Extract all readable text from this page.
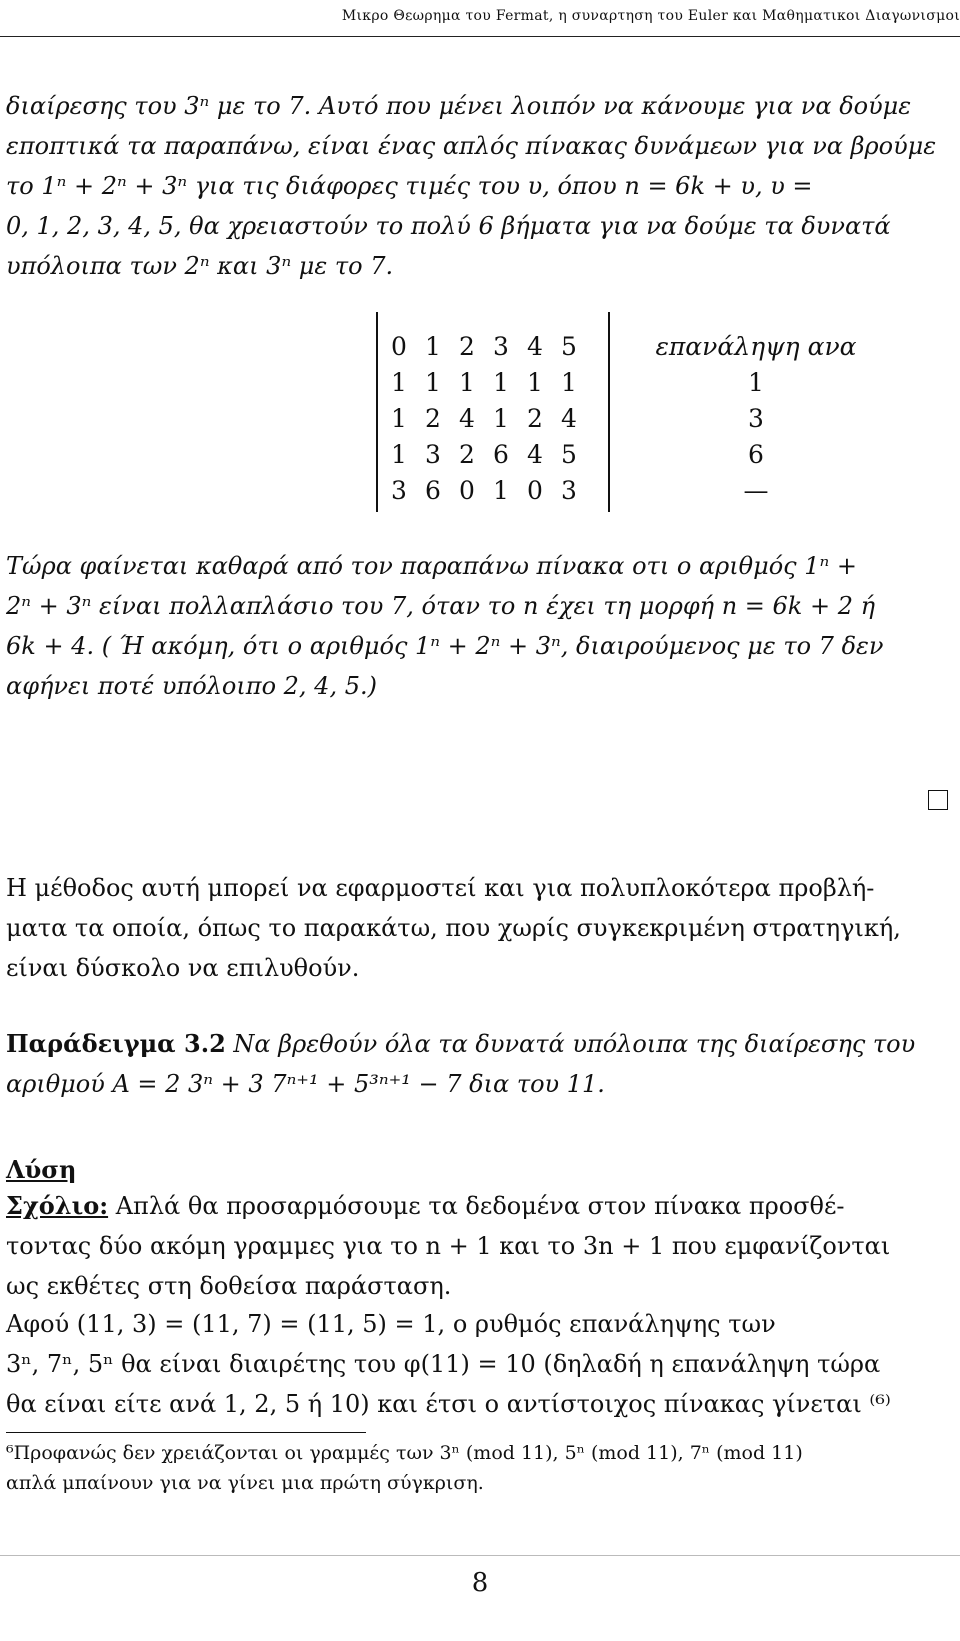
Μικρο Θεωρημα του Fermat, η συναρτηση του Euler και Μαθηματικοι Διαγωνισμοι
διαίρεσης του 3ⁿ με το 7. Αυτό που μένει λοιπόν να κάνουμε για να δούμε
εποπτικά τα παραπάνω, είναι ένας απλός πίνακας δυνάμεων για να βρούμε
το 1ⁿ + 2ⁿ + 3ⁿ για τις διάφορες τιμές του υ, όπου n = 6k + υ, υ =
0, 1, 2, 3, 4, 5, θα χρειαστούν το πολύ 6 βήματα για να δούμε τα δυνατά
υπόλοιπα των 2ⁿ και 3ⁿ με το 7.
0 1 2 3 4 5	επανάληψη ανα
1 1 1 1 1 1	1
1 2 4 1 2 4	3
1 3 2 6 4 5	6
3 6 0 1 0 3	—
Τώρα φαίνεται καθαρά από τον παραπάνω πίνακα οτι ο αριθμός 1ⁿ +
2ⁿ + 3ⁿ είναι πολλαπλάσιο του 7, όταν το n έχει τη μορφή n = 6k + 2 ή
6k + 4. ( Ή ακόμη, ότι ο αριθμός 1ⁿ + 2ⁿ + 3ⁿ, διαιρούμενος με το 7 δεν
αφήνει ποτέ υπόλοιπο 2, 4, 5.)
Η μέθοδος αυτή μπορεί να εφαρμοστεί και για πολυπλοκότερα προβλή-
ματα τα οποία, όπως το παρακάτω, που χωρίς συγκεκριμένη στρατηγική,
είναι δύσκολο να επιλυθούν.
Παράδειγμα 3.2 Να βρεθούν όλα τα δυνατά υπόλοιπα της διαίρεσης του
αριθμού A = 2 3ⁿ + 3 7ⁿ⁺¹ + 5³ⁿ⁺¹ − 7 δια του 11.
Λύση
Σχόλιο: Απλά θα προσαρμόσουμε τα δεδομένα στον πίνακα προσθέ-
τοντας δύο ακόμη γραμμες για το n + 1 και το 3n + 1 που εμφανίζονται
ως εκθέτες στη δοθείσα παράσταση.
Αφού (11, 3) = (11, 7) = (11, 5) = 1, ο ρυθμός επανάληψης των
3ⁿ, 7ⁿ, 5ⁿ θα είναι διαιρέτης του φ(11) = 10 (δηλαδή η επανάληψη τώρα
θα είναι είτε ανά 1, 2, 5 ή 10) και έτσι ο αντίστοιχος πίνακας γίνεται ⁽⁶⁾
⁶Προφανώς δεν χρειάζονται οι γραμμές των 3ⁿ (mod 11), 5ⁿ (mod 11), 7ⁿ (mod 11)
απλά μπαίνουν για να γίνει μια πρώτη σύγκριση.
8
